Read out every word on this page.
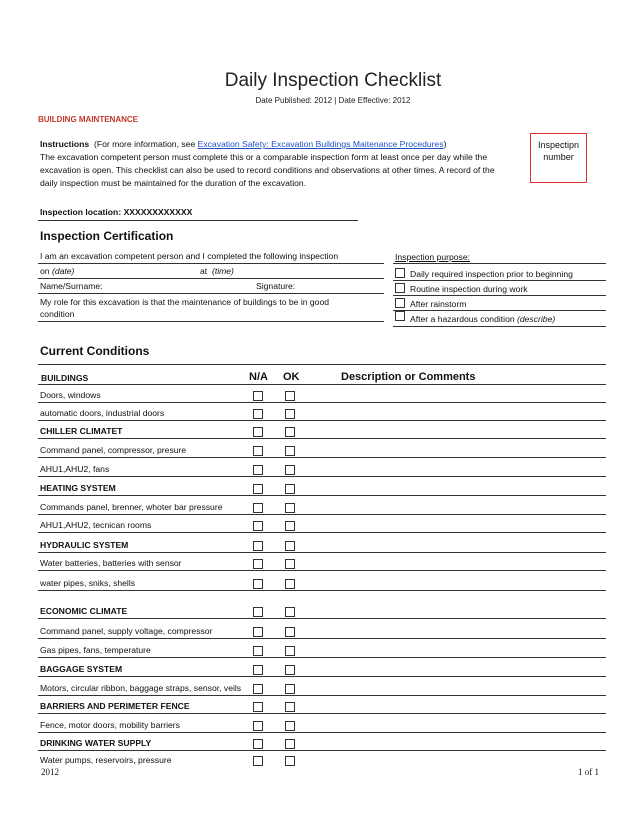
Daily Inspection Checklist
Date Published: 2012 | Date Effective: 2012
BUILDING MAINTENANCE
Instructions (For more information, see Excavation Safety: Excavation Buildings Maitenance Procedures)
The excavation competent person must complete this or a comparable inspection form at least once per day while the
excavation is open. This checklist can also be used to record conditions and observations at other times. A record of the
daily inspection must be maintained for the duration of the excavation.
Inspectipn
number
Inspection location: XXXXXXXXXXXX
Inspection Certification
I am an excavation competent person and I completed the following inspection
on (date)	at (time)
Name/Surname:	Signature:
My role for this excavation is that the maintenance of buildings to be in good
condition
Inspection purpose:
Daily required inspection prior to beginning
Routine inspection during work
After rainstorm
After a hazardous condition (describe)
Current Conditions
BUILDINGS	N/A OK	Description or Comments
Doors, windows
automatic doors, industrial doors
CHILLER CLIMATET
Command panel, compressor, presure
AHU1,AHU2, fans
HEATING SYSTEM
Commands panel, brenner, whoter bar pressure
AHU1,AHU2, tecnican rooms
HYDRAULIC SYSTEM
Water batteries, batteries with sensor
water pipes, sniks, shells
ECONOMIC CLIMATE
Command panel, supply voltage, compressor
Gas pipes, fans, temperature
BAGGAGE SYSTEM
Motors, circular ribbon, baggage straps, sensor, veils
BARRIERS AND PERIMETER FENCE
Fence, motor doors, mobility barriers
DRINKING WATER SUPPLY
Water pumps, reservoirs, pressure
2012	1 of 1
